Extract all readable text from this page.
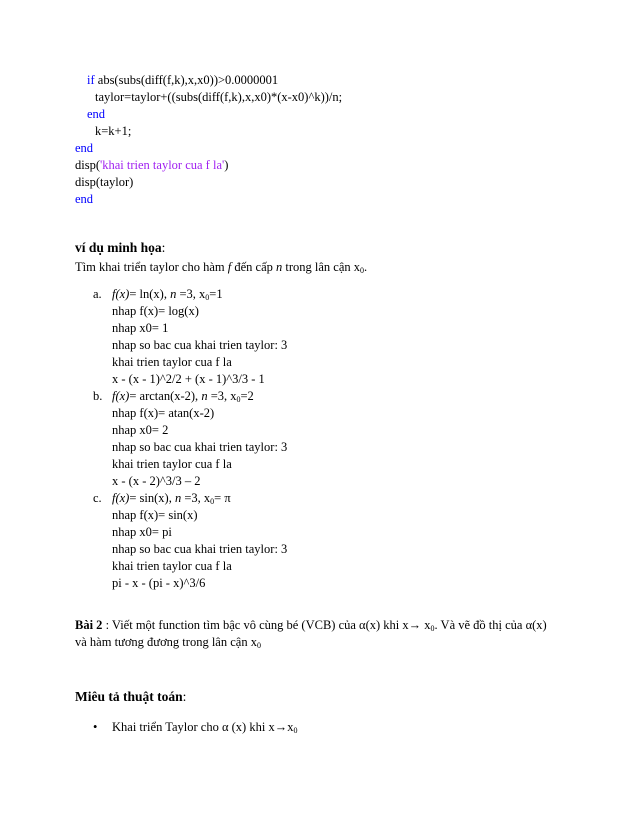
if abs(subs(diff(f,k),x,x0))>0.0000001
taylor=taylor+((subs(diff(f,k),x,x0)*(x-x0)^k))/n;
end
k=k+1;
end
disp('khai trien taylor cua f la')
disp(taylor)
end
ví dụ minh họa:
Tìm khai triển taylor cho hàm f đến cấp n trong lân cận $x_0$.
a. f(x)= ln(x), n =3, $x_0=1$
nhap f(x)= log(x)
nhap x0= 1
nhap so bac cua khai trien taylor: 3
khai trien taylor cua f la
x - (x - 1)^2/2 + (x - 1)^3/3 - 1
b. f(x)= arctan(x-2), n =3, $x_0=2$
nhap f(x)= atan(x-2)
nhap x0= 2
nhap so bac cua khai trien taylor: 3
khai trien taylor cua f la
x - (x - 2)^3/3 – 2
c. f(x)= sin(x), n =3, $x_0= \pi$
nhap f(x)= sin(x)
nhap x0= pi
nhap so bac cua khai trien taylor: 3
khai trien taylor cua f la
pi - x - (pi - x)^3/6
Bài 2 : Viết một function tìm bậc vô cùng bé (VCB) của α(x) khi $x\to x_0$. Và vẽ đồ thị của α(x)
và hàm tương đương trong lân cận $x_0$
Miêu tả thuật toán:
• Khai triển Taylor cho α (x) khi $x\to x_0$
